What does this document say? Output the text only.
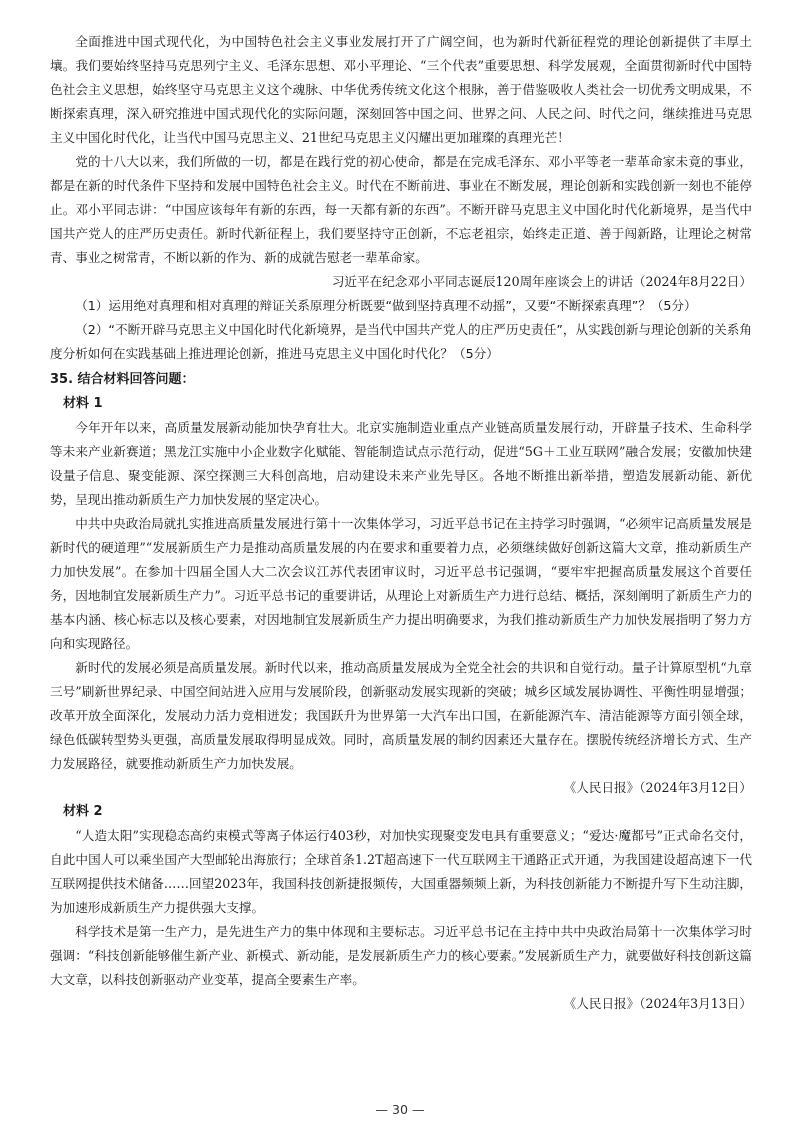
全面推进中国式现代化，为中国特色社会主义事业发展打开了广阔空间，也为新时代新征程党的理论创新提供了丰厚土壤。我们要始终坚持马克思列宁主义、毛泽东思想、邓小平理论、“三个代表”重要思想、科学发展观，全面贯彻新时代中国特色社会主义思想，始终坚守马克思主义这个魂脉、中华优秀传统文化这个根脉，善于借鉴吸收人类社会一切优秀文明成果，不断探索真理，深入研究推进中国式现代化的实际问题，深刻回答中国之问、世界之问、人民之问、时代之问，继续推进马克思主义中国化时代化，让当代中国马克思主义、21世纪马克思主义闪耀出更加璀璨的真理光芒！

党的十八大以来，我们所做的一切，都是在践行党的初心使命，都是在完成毛泽东、邓小平等老一辈革命家未竟的事业，都是在新的时代条件下坚持和发展中国特色社会主义。时代在不断前进、事业在不断发展，理论创新和实践创新一刻也不能停止。邓小平同志讲：“中国应该每年有新的东西，每一天都有新的东西”。不断开辟马克思主义中国化时代化新境界，是当代中国共产党人的庄严历史责任。新时代新征程上，我们要坚持守正创新，不忘老祖宗，始终走正道、善于闯新路，让理论之树常青、事业之树常青，不断以新的作为、新的成就告慰老一辈革命家。

习近平在纪念邓小平同志诞辰120周年座谈会上的讲话（2024年8月22日）

（1）运用绝对真理和相对真理的辩证关系原理分析既要“做到坚持真理不动摇”，又要“不断探索真理”？（5分）

（2）“不断开辟马克思主义中国化时代化新境界，是当代中国共产党人的庄严历史责任”，从实践创新与理论创新的关系角度分析如何在实践基础上推进理论创新，推进马克思主义中国化时代化？（5分）

35. 结合材料回答问题：

材料 1

今年开年以来，高质量发展新动能加快孕育壮大。北京实施制造业重点产业链高质量发展行动，开辟量子技术、生命科学等未来产业新赛道；黑龙江实施中小企业数字化赋能、智能制造试点示范行动，促进“5G＋工业互联网”融合发展；安徽加快建设量子信息、聚变能源、深空探测三大科创高地，启动建设未来产业先导区。各地不断推出新举措，塑造发展新动能、新优势，呈现出推动新质生产力加快发展的坚定决心。

中共中央政治局就扎实推进高质量发展进行第十一次集体学习，习近平总书记在主持学习时强调，“必须牢记高质量发展是新时代的硬道理”“发展新质生产力是推动高质量发展的内在要求和重要着力点，必须继续做好创新这篇大文章，推动新质生产力加快发展”。在参加十四届全国人大二次会议江苏代表团审议时，习近平总书记强调，“要牢牢把握高质量发展这个首要任务，因地制宜发展新质生产力”。习近平总书记的重要讲话，从理论上对新质生产力进行总结、概括，深刻阐明了新质生产力的基本内涵、核心标志以及核心要素，对因地制宜发展新质生产力提出明确要求，为我们推动新质生产力加快发展指明了努力方向和实现路径。

新时代的发展必须是高质量发展。新时代以来，推动高质量发展成为全党全社会的共识和自觉行动。量子计算原型机“九章三号”刷新世界纪录、中国空间站进入应用与发展阶段，创新驱动发展实现新的突破；城乡区域发展协调性、平衡性明显增强；改革开放全面深化，发展动力活力竞相迸发；我国跃升为世界第一大汽车出口国，在新能源汽车、清洁能源等方面引领全球，绿色低碳转型势头更强，高质量发展取得明显成效。同时，高质量发展的制约因素还大量存在。摆脱传统经济增长方式、生产力发展路径，就要推动新质生产力加快发展。

《人民日报》（2024年3月12日）

材料 2

“人造太阳”实现稳态高约束模式等离子体运行403秒，对加快实现聚变发电具有重要意义；“爱达·魔都号”正式命名交付，自此中国人可以乘坐国产大型邮轮出海旅行；全球首条1.2T超高速下一代互联网主干通路正式开通，为我国建设超高速下一代互联网提供技术储备……回望2023年，我国科技创新捷报频传，大国重器频频上新，为科技创新能力不断提升写下生动注脚，为加速形成新质生产力提供强大支撑。

科学技术是第一生产力，是先进生产力的集中体现和主要标志。习近平总书记在主持中共中央政治局第十一次集体学习时强调：“科技创新能够催生新产业、新模式、新动能，是发展新质生产力的核心要素。”发展新质生产力，就要做好科技创新这篇大文章，以科技创新驱动产业变革，提高全要素生产率。

《人民日报》（2024年3月13日）

— 30 —
